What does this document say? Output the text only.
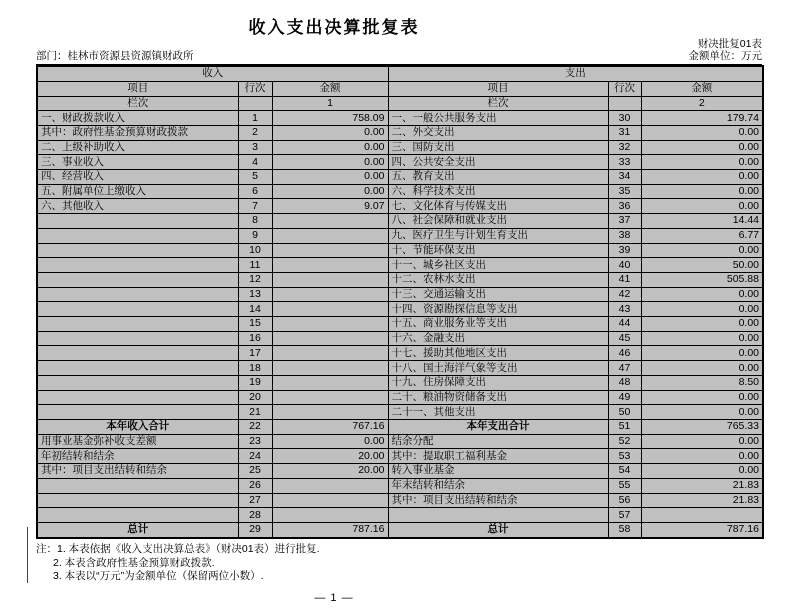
收入支出决算批复表
财决批复01表
部门：桂林市资源县资源镇财政所	金额单位：万元
收入			支出		
项目	行次	金额	项目	行次	金额
栏次		1	栏次		2
一、财政拨款收入	1	758.09	一、一般公共服务支出	30	179.74
其中：政府性基金预算财政拨款	2	0.00	二、外交支出	31	0.00
二、上级补助收入	3	0.00	三、国防支出	32	0.00
三、事业收入	4	0.00	四、公共安全支出	33	0.00
四、经营收入	5	0.00	五、教育支出	34	0.00
五、附属单位上缴收入	6	0.00	六、科学技术支出	35	0.00
六、其他收入	7	9.07	七、文化体育与传媒支出	36	0.00
	8		八、社会保障和就业支出	37	14.44
	9		九、医疗卫生与计划生育支出	38	6.77
	10		十、节能环保支出	39	0.00
	11		十一、城乡社区支出	40	50.00
	12		十二、农林水支出	41	505.88
	13		十三、交通运输支出	42	0.00
	14		十四、资源勘探信息等支出	43	0.00
	15		十五、商业服务业等支出	44	0.00
	16		十六、金融支出	45	0.00
	17		十七、援助其他地区支出	46	0.00
	18		十八、国土海洋气象等支出	47	0.00
	19		十九、住房保障支出	48	8.50
	20		二十、粮油物资储备支出	49	0.00
	21		二十一、其他支出	50	0.00
本年收入合计	22	767.16	本年支出合计	51	765.33
用事业基金弥补收支差额	23	0.00	结余分配	52	0.00
年初结转和结余	24	20.00	其中：提取职工福利基金	53	0.00
其中：项目支出结转和结余	25	20.00	转入事业基金	54	0.00
	26		年末结转和结余	55	21.83
	27		其中：项目支出结转和结余	56	21.83
	28			57	
总计	29	787.16	总计	58	787.16
注：1. 本表依据《收入支出决算总表》（财决01表）进行批复.
2. 本表含政府性基金预算财政拨款.
3. 本表以“万元”为金额单位（保留两位小数）.
— 1 —
